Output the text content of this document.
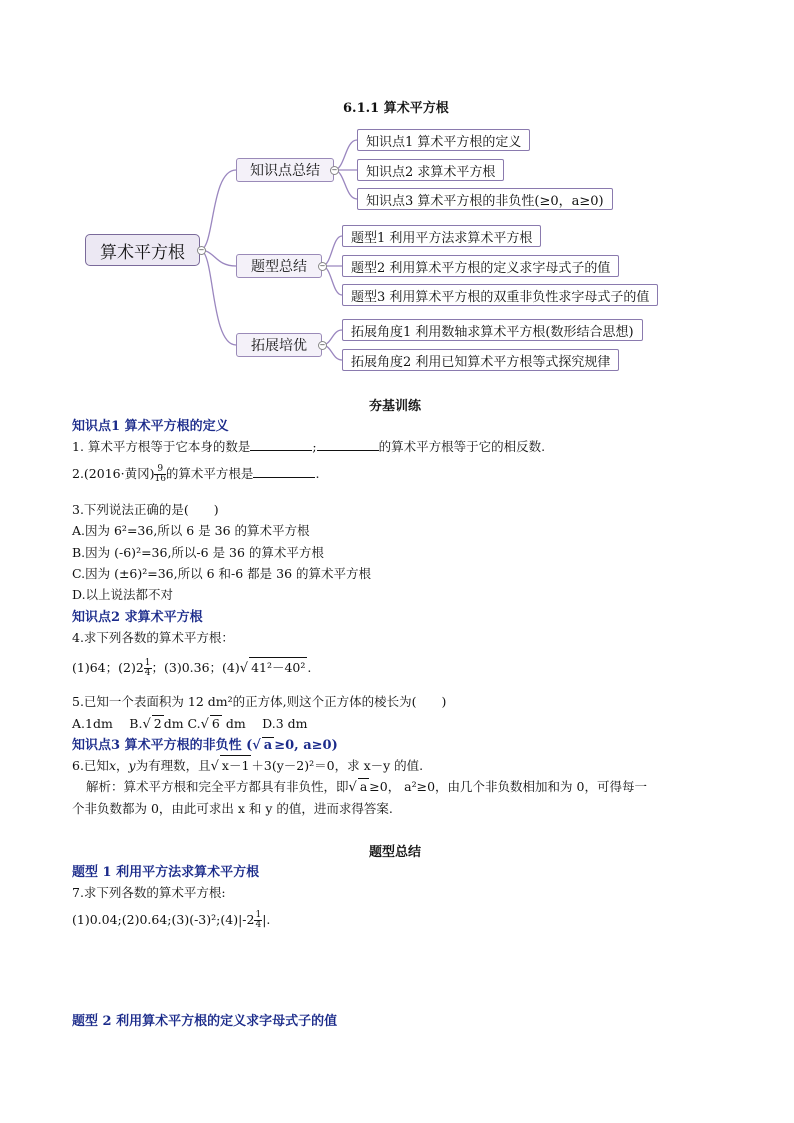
6.1.1 算术平方根
算术平方根	−
知识点总结	−
知识点1 算术平方根的定义
知识点2 求算术平方根
知识点3 算术平方根的非负性(≥0，a≥0)
题型总结	−
题型1 利用平方法求算术平方根
题型2 利用算术平方根的定义求字母式子的值
题型3 利用算术平方根的双重非负性求字母式子的值
拓展培优	−
拓展角度1 利用数轴求算术平方根(数形结合思想)
拓展角度2 利用已知算术平方根等式探究规律
夯基训练
知识点1 算术平方根的定义
1. 算术平方根等于它本身的数是	;	的算术平方根等于它的相反数.
2.(2016·黄冈) $\frac{9}{16}$ 的算术平方根是	.
3.下列说法正确的是(　　)
A.因为 6²=36,所以 6 是 36 的算术平方根
B.因为 (-6)²=36,所以-6 是 36 的算术平方根
C.因为 (±6)²=36,所以 6 和-6 都是 36 的算术平方根
D.以上说法都不对
知识点2 求算术平方根
4.求下列各数的算术平方根：
(1)64；$(2)2 \frac{1}{4}$ ；(3)0.36；(4)√ 41²－40² .
5.已知一个表面积为 12 dm²的正方体,则这个正方体的棱长为(　　)
A.1dm　 B.√ 2 dm C.√ 6 dm　 D.3 dm
知识点3 算术平方根的非负性 (√ a ≥0, a≥0)
6.已知x，y为有理数，且√ x－1 ＋3(y－2)²＝0，求 x－y 的值.
解析：算术平方根和完全平方都具有非负性，即√ a ≥0， a²≥0，由几个非负数相加和为 0，可得每一
个非负数都为 0，由此可求出 x 和 y 的值，进而求得答案.
题型总结
题型 1 利用平方法求算术平方根
7.求下列各数的算术平方根:
(1)0.04;(2)0.64;(3)(-3)²;(4)|-2 $\frac{1}{4}$ |.
题型 2 利用算术平方根的定义求字母式子的值
